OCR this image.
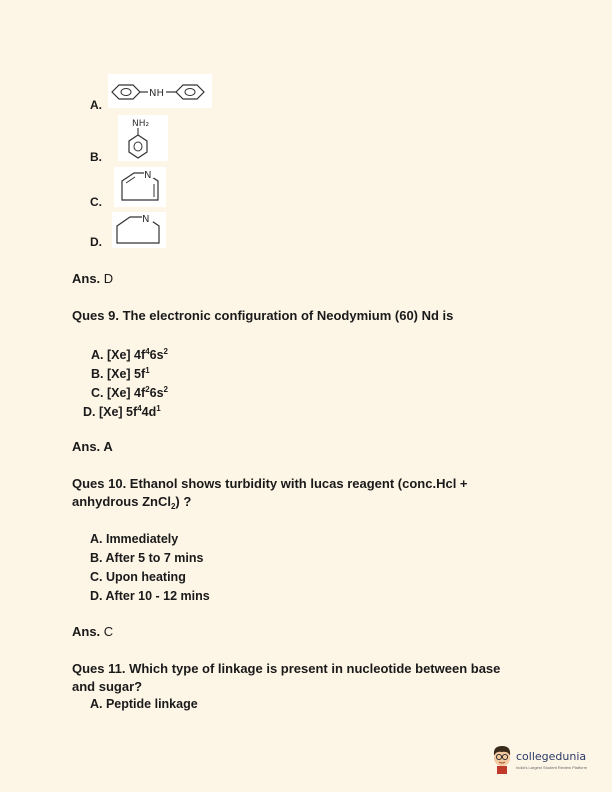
A.
NH
B.
NH₂
C.
N
D.
N
Ans. D
Ques 9. The electronic configuration of Neodymium (60) Nd is
A. [Xe] $4f^46s^2$
B. [Xe] $5f^1$
C. [Xe] $4f^26s^2$
D. [Xe] $5f^44d^1$
Ans. A
Ques 10. Ethanol shows turbidity with lucas reagent (conc.Hcl +
anhydrous ZnCl$_2$) ?
A. Immediately
B. After 5 to 7 mins
C. Upon heating
D. After 10 - 12 mins
Ans. C
Ques 11. Which type of linkage is present in nucleotide between base
and sugar?
A. Peptide linkage
collegedunia
India's Largest Student Review Platform
